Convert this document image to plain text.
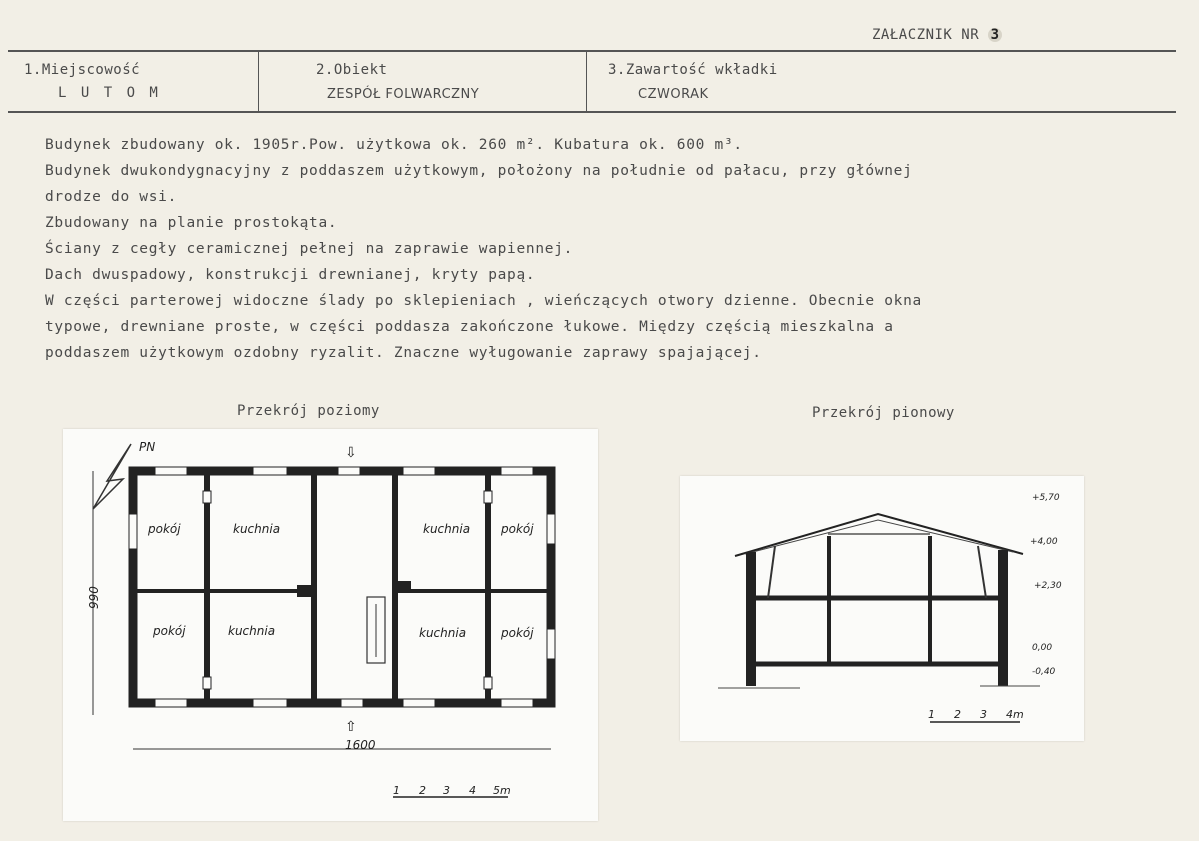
ZAŁACZNIK NR 3
1.Miejscowość
L U T O M
2.Obiekt
ZESPÓŁ FOLWARCZNY
3.Zawartość wkładki
CZWORAK
Budynek zbudowany ok. 1905r.Pow. użytkowa ok. 260 m². Kubatura ok. 600 m³.
Budynek dwukondygnacyjny z poddaszem użytkowym, położony na południe od pałacu, przy głównej
drodze do wsi.
Zbudowany na planie prostokąta.
Ściany z cegły ceramicznej pełnej na zaprawie wapiennej.
Dach dwuspadowy, konstrukcji drewnianej, kryty papą.
W części parterowej widoczne ślady po sklepieniach , wieńczących otwory dzienne. Obecnie okna
typowe, drewniane proste, w części poddasza zakończone łukowe. Między częścią mieszkalna a
poddaszem użytkowym ozdobny ryzalit. Znaczne wyługowanie zaprawy spajającej.
Przekrój poziomy	Przekrój pionowy
PN	⇩
⇧
pokój	kuchnia	kuchnia	pokój
pokój	kuchnia	kuchnia	pokój
990
1600
1 2 3 4 5m
+5,70
+4,00
+2,30
0,00
-0,40
1 2 3 4m
